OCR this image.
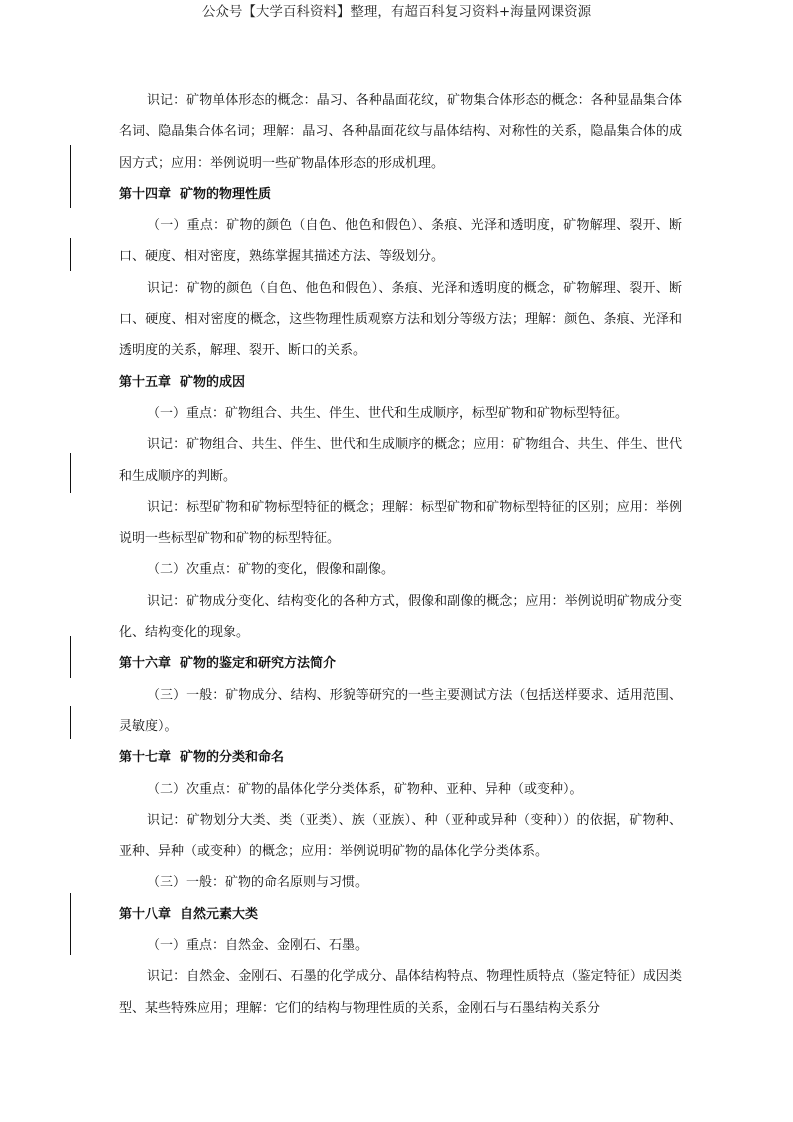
公众号【大学百科资料】整理，有超百科复习资料+海量网课资源

识记：矿物单体形态的概念：晶习、各种晶面花纹，矿物集合体形态的概念：各种显晶集合体名词、隐晶集合体名词；理解：晶习、各种晶面花纹与晶体结构、对称性的关系，隐晶集合体的成因方式；应用：举例说明一些矿物晶体形态的形成机理。

第十四章  矿物的物理性质

（一）重点：矿物的颜色（自色、他色和假色）、条痕、光泽和透明度，矿物解理、裂开、断口、硬度、相对密度，熟练掌握其描述方法、等级划分。

识记：矿物的颜色（自色、他色和假色）、条痕、光泽和透明度的概念，矿物解理、裂开、断口、硬度、相对密度的概念，这些物理性质观察方法和划分等级方法；理解：颜色、条痕、光泽和透明度的关系，解理、裂开、断口的关系。

第十五章  矿物的成因

（一）重点：矿物组合、共生、伴生、世代和生成顺序，标型矿物和矿物标型特征。

识记：矿物组合、共生、伴生、世代和生成顺序的概念；应用：矿物组合、共生、伴生、世代和生成顺序的判断。

识记：标型矿物和矿物标型特征的概念；理解：标型矿物和矿物标型特征的区别；应用：举例说明一些标型矿物和矿物的标型特征。

（二）次重点：矿物的变化，假像和副像。

识记：矿物成分变化、结构变化的各种方式，假像和副像的概念；应用：举例说明矿物成分变化、结构变化的现象。

第十六章  矿物的鉴定和研究方法简介

（三）一般：矿物成分、结构、形貌等研究的一些主要测试方法（包括送样要求、适用范围、灵敏度）。

第十七章  矿物的分类和命名

（二）次重点：矿物的晶体化学分类体系，矿物种、亚种、异种（或变种）。

识记：矿物划分大类、类（亚类）、族（亚族）、种（亚种或异种（变种））的依据，矿物种、亚种、异种（或变种）的概念；应用：举例说明矿物的晶体化学分类体系。

（三）一般：矿物的命名原则与习惯。

第十八章  自然元素大类

（一）重点：自然金、金刚石、石墨。

识记：自然金、金刚石、石墨的化学成分、晶体结构特点、物理性质特点（鉴定特征）成因类型、某些特殊应用；理解：它们的结构与物理性质的关系，金刚石与石墨结构关系分
